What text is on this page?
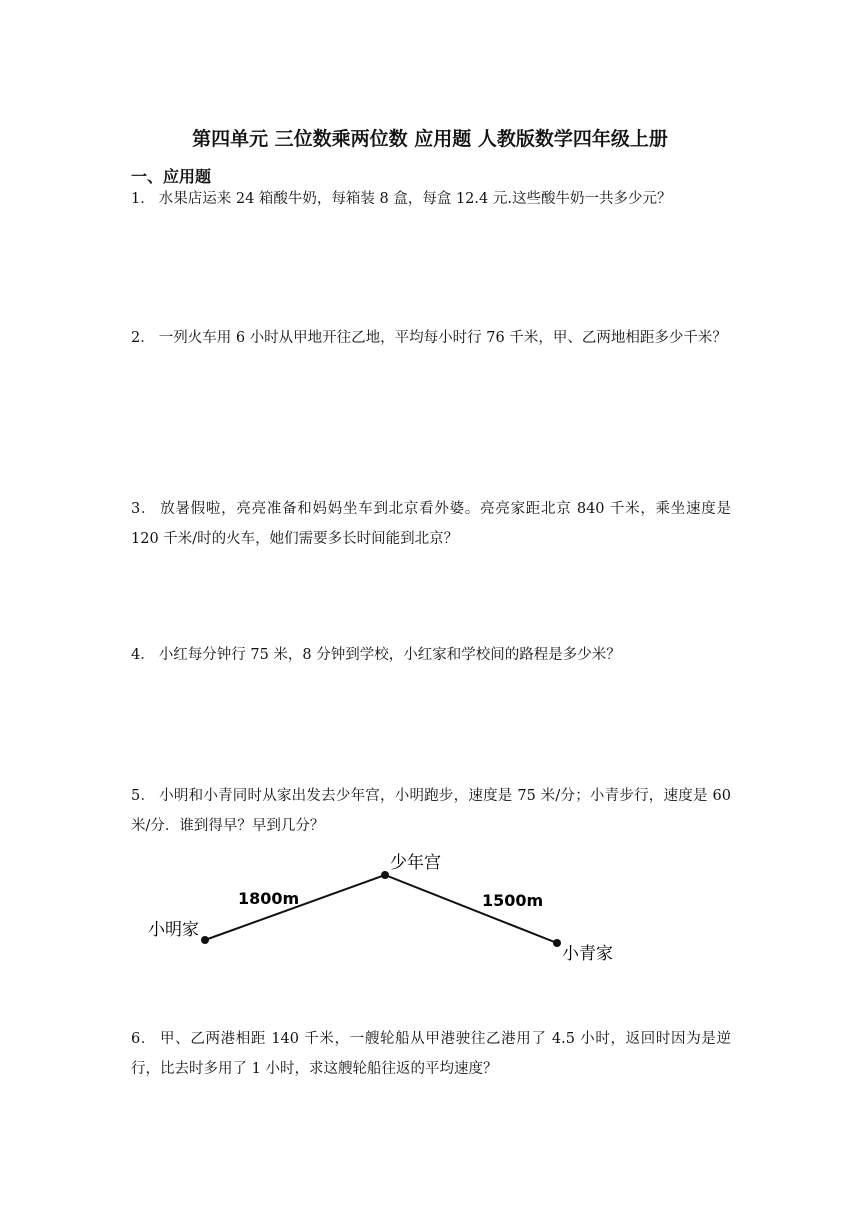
第四单元 三位数乘两位数 应用题 人教版数学四年级上册
一、应用题
1． 水果店运来 24 箱酸牛奶，每箱装 8 盒，每盒 12.4 元.这些酸牛奶一共多少元？
2． 一列火车用 6 小时从甲地开往乙地，平均每小时行 76 千米，甲、乙两地相距多少千米？
3． 放暑假啦，亮亮准备和妈妈坐车到北京看外婆。亮亮家距北京 840 千米，乘坐速度是 120 千米/时的火车，她们需要多长时间能到北京？
4． 小红每分钟行 75 米，8 分钟到学校，小红家和学校间的路程是多少米？
5． 小明和小青同时从家出发去少年宫，小明跑步，速度是 75 米/分；小青步行，速度是 60 米/分．谁到得早？早到几分？
小明家
少年宫
小青家
1800m	1500m
6． 甲、乙两港相距 140 千米，一艘轮船从甲港驶往乙港用了 4.5 小时，返回时因为是逆行，比去时多用了 1 小时，求这艘轮船往返的平均速度？
